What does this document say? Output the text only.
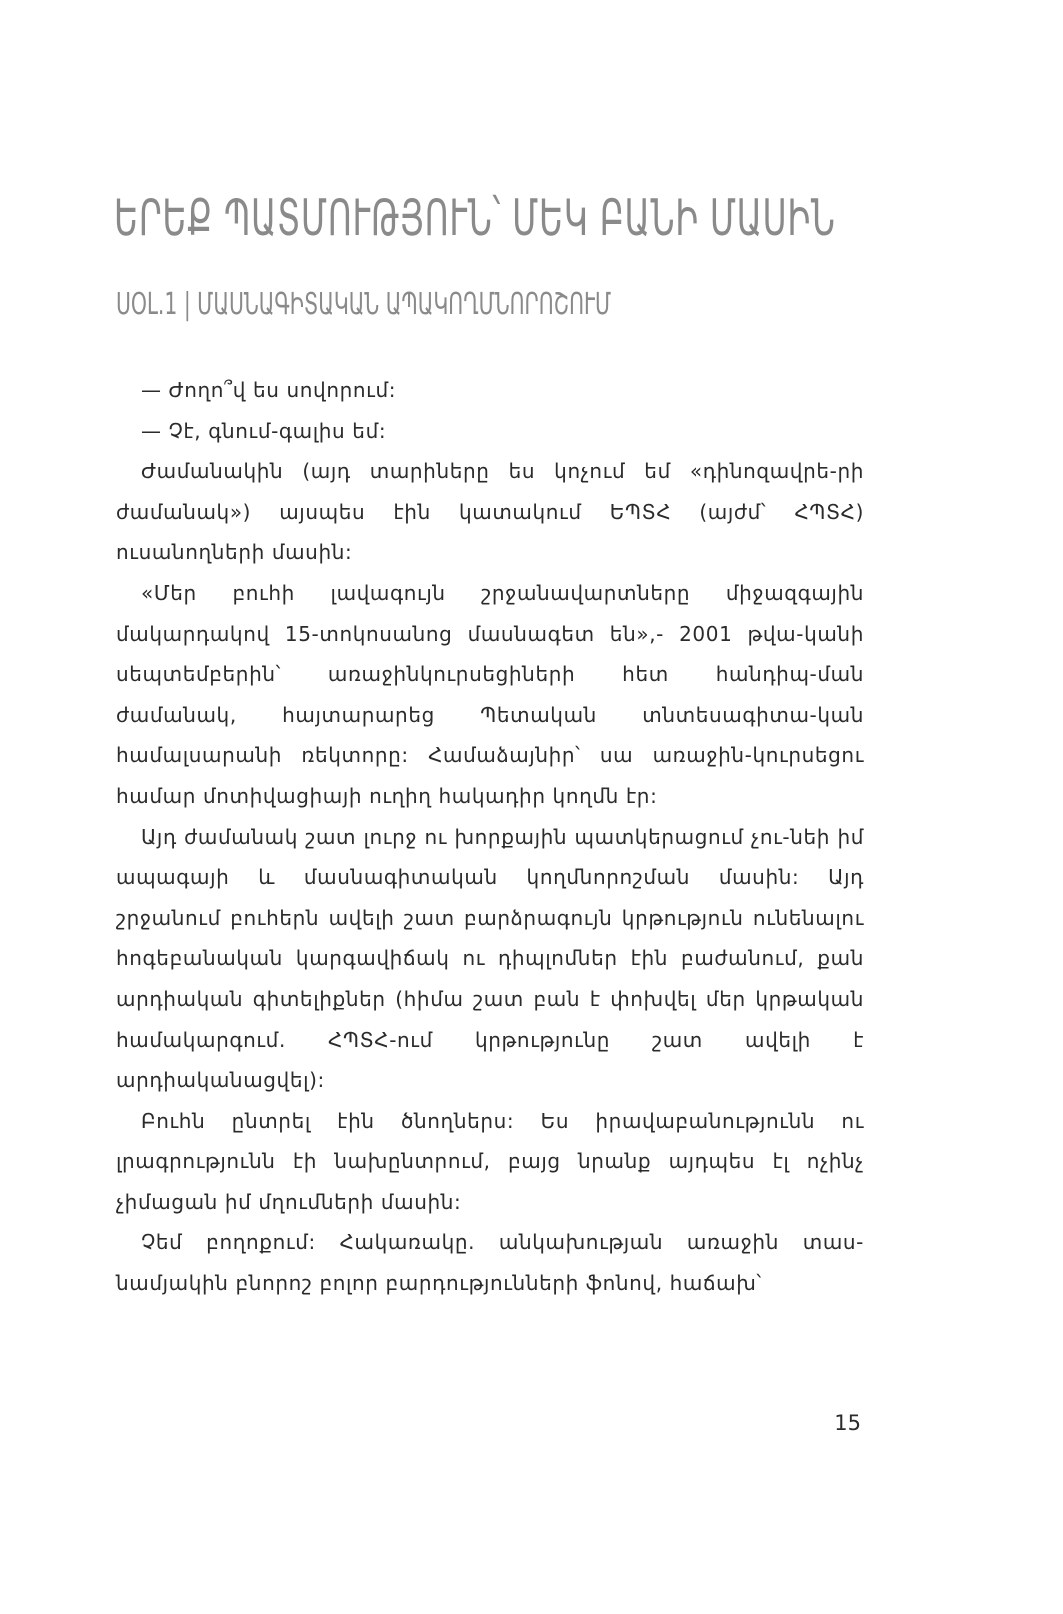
ԵՐԵՔ ՊԱՏՄՈՒԹՅՈՒՆ՝ ՄԵԿ ԲԱՆԻ ՄԱՍԻՆ
ՍՕԼ.1 | ՄԱՍՆԱԳԻՏԱԿԱՆ ԱՊԱԿՈՂՄՆՈՐՈՇՈՒՄ

— Ժողո՞վ ես սովորում:

— Չէ, գնում-գալիս եմ:

Ժամանակին (այդ տարիները ես կոչում եմ «դինոզավրե-րի ժամանակ») այսպես էին կատակում ԵՊՏՀ (այժմ՝ ՀՊՏՀ) ուսանողների մասին:

«Մեր բուհի լավագույն շրջանավարտները միջազգային մակարդակով 15-տոկոսանոց մասնագետ են»,- 2001 թվա-կանի սեպտեմբերին՝ առաջինկուրսեցիների հետ հանդիպ-ման ժամանակ, հայտարարեց Պետական տնտեսագիտա-կան համալսարանի ռեկտորը: Համաձայնիր՝ սա առաջին-կուրսեցու համար մոտիվացիայի ուղիղ հակադիր կողմն էր:

Այդ ժամանակ շատ լուրջ ու խորքային պատկերացում չու-նեի իմ ապագայի և մասնագիտական կողմնորոշման մասին: Այդ շրջանում բուհերն ավելի շատ բարձրագույն կրթություն ունենալու հոգեբանական կարգավիճակ ու դիպլոմներ էին բաժանում, քան արդիական գիտելիքներ (հիմա շատ բան է փոխվել մեր կրթական համակարգում. ՀՊՏՀ-ում կրթությունը շատ ավելի է արդիականացվել):

Բուհն ընտրել էին ծնողներս: Ես իրավաբանությունն ու լրագրությունն էի նախընտրում, բայց նրանք այդպես էլ ոչինչ չիմացան իմ մղումների մասին:

Չեմ բողոքում: Հակառակը. անկախության առաջին տաս-նամյակին բնորոշ բոլոր բարդությունների ֆոնով, հաճախ՝

15
